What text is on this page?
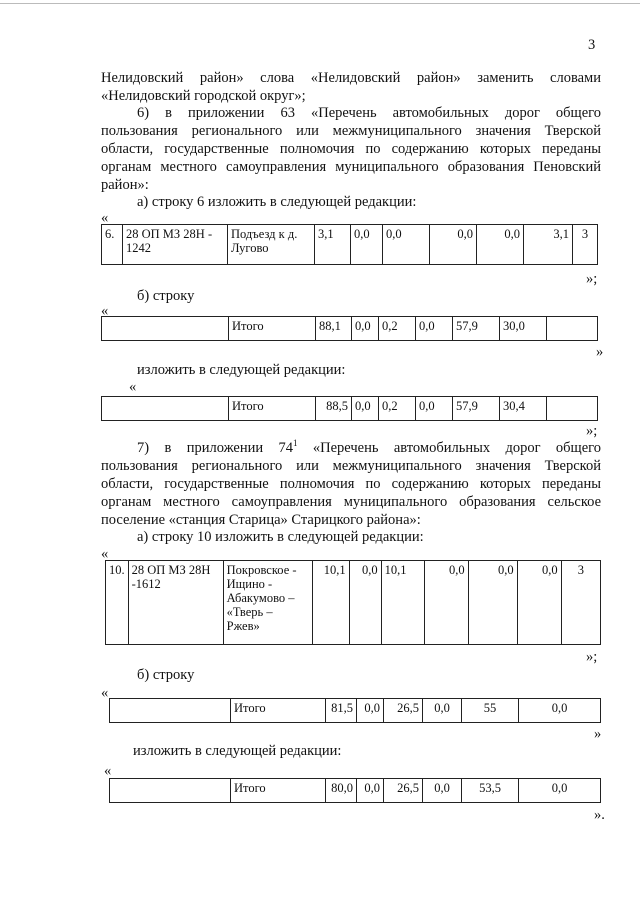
3
Нелидовский район» слова «Нелидовский район» заменить словами
«Нелидовский городской округ»;
6) в приложении 63 «Перечень автомобильных дорог общего
пользования регионального или межмуниципального значения Тверской
области, государственные полномочия по содержанию которых переданы
органам местного самоуправления муниципального образования Пеновский
район»:
а) строку 6 изложить в следующей редакции:
«
6.	28 ОП МЗ 28Н - 1242	Подъезд к д. Лугово	3,1	0,0	0,0	0,0	0,0	3,1	3
»;
б) строку
«
	Итого	88,1	0,0	0,2	0,0	57,9	30,0	
»
изложить в следующей редакции:
«
	Итого	88,5	0,0	0,2	0,0	57,9	30,4	
»;
7) в приложении $74^1$ «Перечень автомобильных дорог общего
пользования регионального или межмуниципального значения Тверской
области, государственные полномочия по содержанию которых переданы
органам местного самоуправления муниципального образования сельское
поселение «станция Старица» Старицкого района»:
а) строку 10 изложить в следующей редакции:
«
10.	28 ОП МЗ 28Н -1612	Покровское - Ищино - Абакумово – «Тверь – Ржев»	10,1	0,0	10,1	0,0	0,0	0,0	3
»;
б) строку
«
	Итого	81,5	0,0	26,5	0,0	55	0,0
»
изложить в следующей редакции:
«
	Итого	80,0	0,0	26,5	0,0	53,5	0,0
».
